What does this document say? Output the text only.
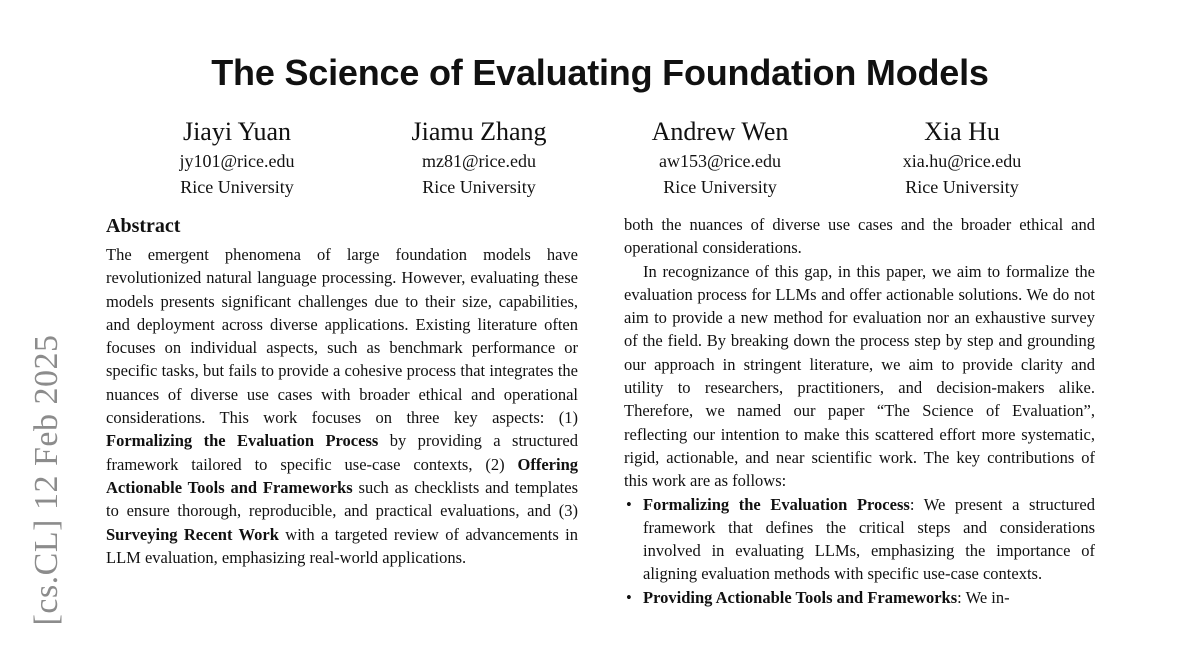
[cs.CL] 12 Feb 2025
The Science of Evaluating Foundation Models
Jiayi Yuan
jy101@rice.edu
Rice University
Jiamu Zhang
mz81@rice.edu
Rice University
Andrew Wen
aw153@rice.edu
Rice University
Xia Hu
xia.hu@rice.edu
Rice University
Abstract

The emergent phenomena of large foundation models have revolutionized natural language processing. However, evaluating these models presents significant challenges due to their size, capabilities, and deployment across diverse applications. Existing literature often focuses on individual aspects, such as benchmark performance or specific tasks, but fails to provide a cohesive process that integrates the nuances of diverse use cases with broader ethical and operational considerations. This work focuses on three key aspects: (1) Formalizing the Evaluation Process by providing a structured framework tailored to specific use-case contexts, (2) Offering Actionable Tools and Frameworks such as checklists and templates to ensure thorough, reproducible, and practical evaluations, and (3) Surveying Recent Work with a targeted review of advancements in LLM evaluation, emphasizing real-world applications.

both the nuances of diverse use cases and the broader ethical and operational considerations.

In recognizance of this gap, in this paper, we aim to formalize the evaluation process for LLMs and offer actionable solutions. We do not aim to provide a new method for evaluation nor an exhaustive survey of the field. By breaking down the process step by step and grounding our approach in stringent literature, we aim to provide clarity and utility to researchers, practitioners, and decision-makers alike. Therefore, we named our paper “The Science of Evaluation”, reflecting our intention to make this scattered effort more systematic, rigid, actionable, and near scientific work. The key contributions of this work are as follows:

• Formalizing the Evaluation Process: We present a structured framework that defines the critical steps and considerations involved in evaluating LLMs, emphasizing the importance of aligning evaluation methods with specific use-case contexts.
• Providing Actionable Tools and Frameworks: We in-
